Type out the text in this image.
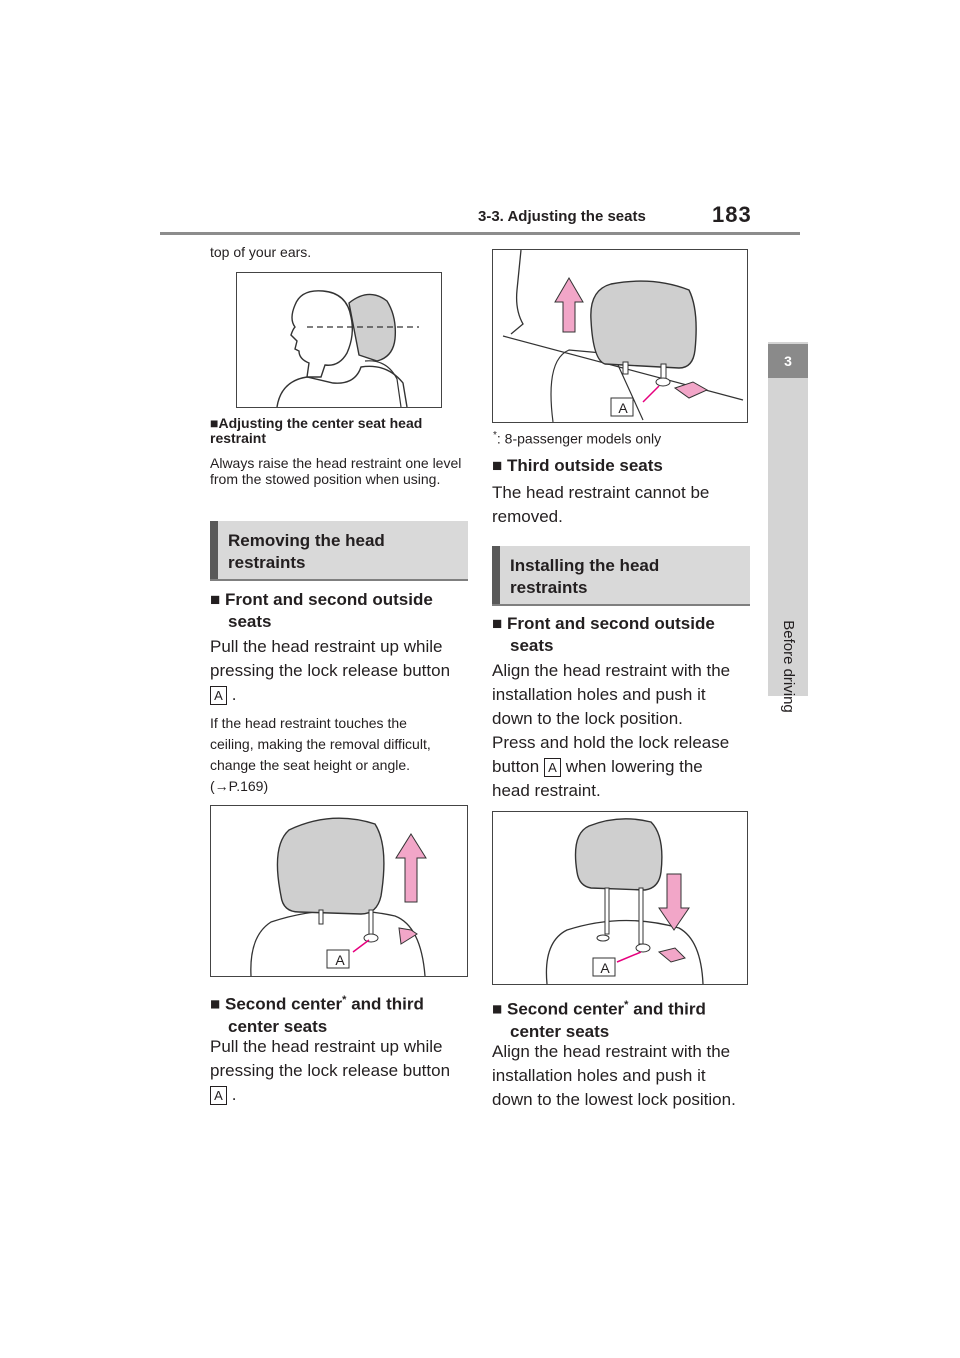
3-3. Adjusting the seats	183
3
Before driving
top of your ears.
■Adjusting the center seat head restraint
Always raise the head restraint one level from the stowed position when using.
Removing the head
restraints
■ Front and second outside
seats
Pull the head restraint up while
pressing the lock release button
A .
If the head restraint touches the
ceiling, making the removal difficult,
change the seat height or angle.
(→P.169)
A
■ Second center* and third
center seats
Pull the head restraint up while
pressing the lock release button
A .
A
*: 8-passenger models only
■ Third outside seats
The head restraint cannot be
removed.
Installing the head
restraints
■ Front and second outside
seats
Align the head restraint with the
installation holes and push it
down to the lock position.
Press and hold the lock release
button A when lowering the
head restraint.
A
■ Second center* and third
center seats
Align the head restraint with the
installation holes and push it
down to the lowest lock position.
